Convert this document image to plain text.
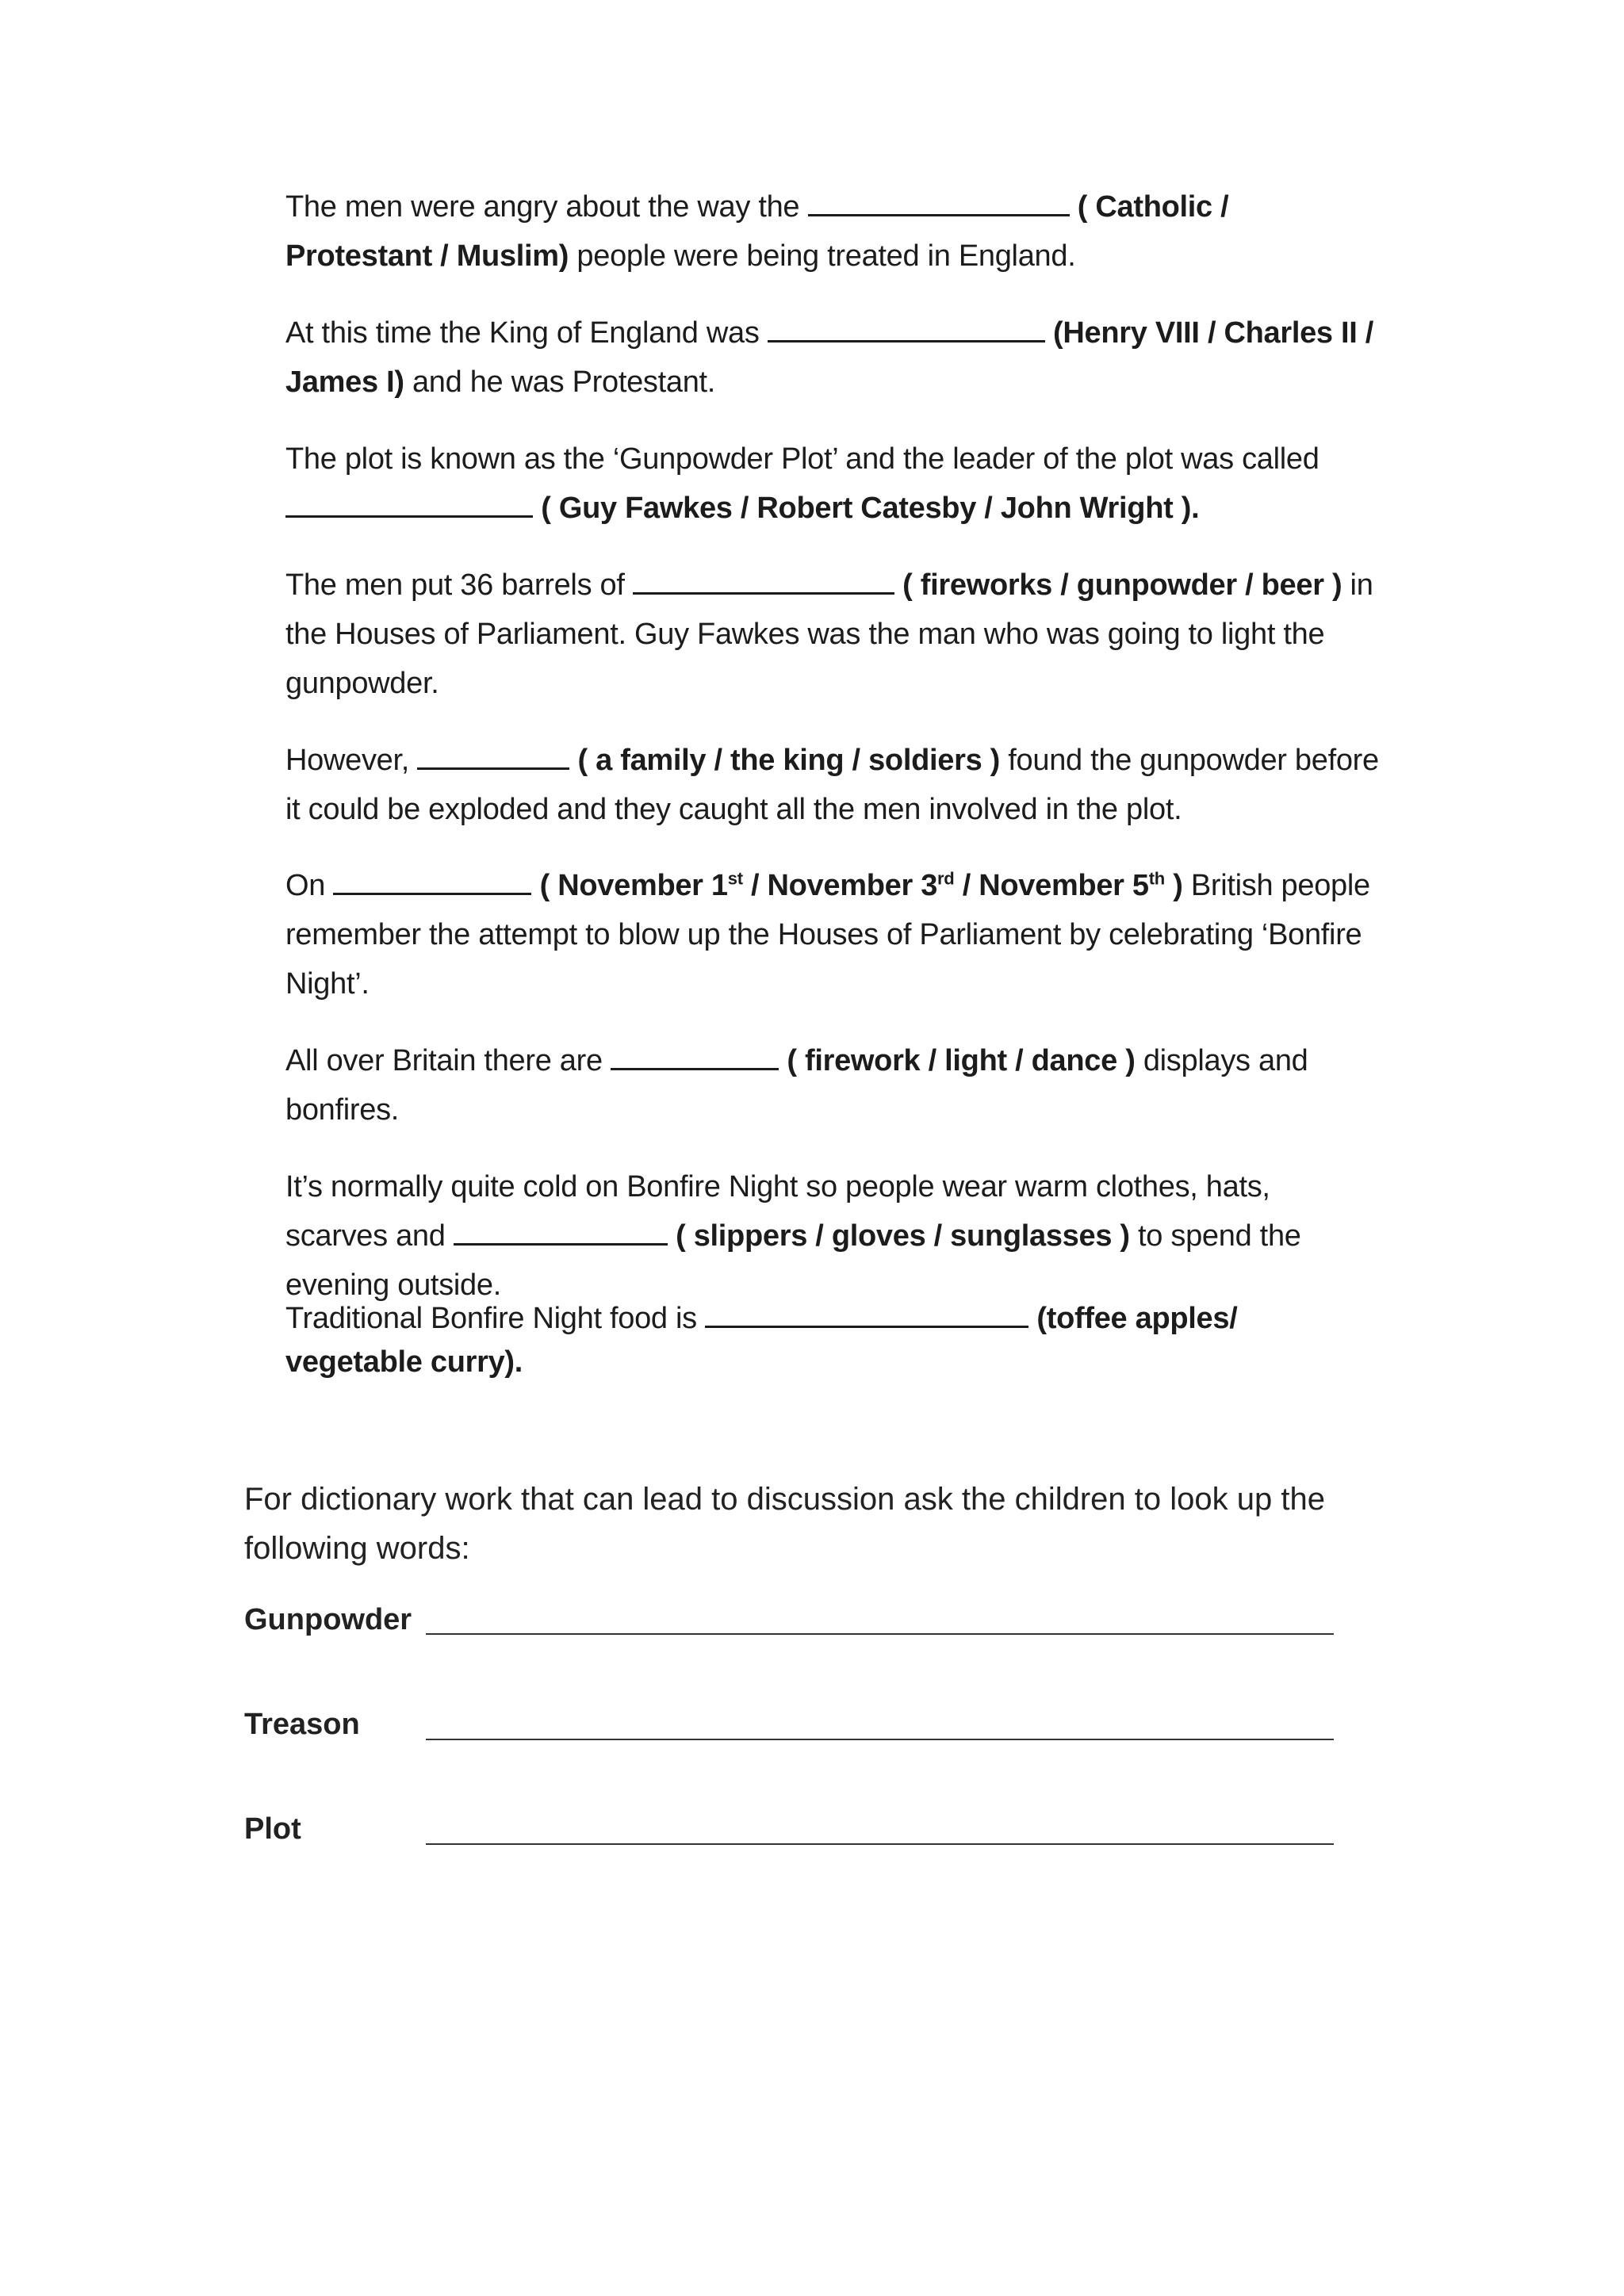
The men were angry about the way the	( Catholic / Protestant / Muslim) people were being treated in England.

At this time the King of England was	(Henry VIII / Charles II / James I) and he was Protestant.

The plot is known as the ‘Gunpowder Plot’ and the leader of the plot was called  ( Guy Fawkes / Robert Catesby / John Wright ).

The men put 36 barrels of	( fireworks / gunpowder / beer ) in the Houses of Parliament. Guy Fawkes was the man who was going to light the gunpowder.

However,	( a family / the king / soldiers ) found the gunpowder before it could be exploded and they caught all the men involved in the plot.

On	( November 1st / November 3rd / November 5th ) British people remember the attempt to blow up the Houses of Parliament by celebrating ‘Bonfire Night’.

All over Britain there are	( firework / light / dance ) displays and bonfires.

It’s normally quite cold on Bonfire Night so people wear warm clothes, hats, scarves and	( slippers / gloves / sunglasses ) to spend the evening outside.

Traditional Bonfire Night food is	(toffee apples/ vegetable curry).

For dictionary work that can lead to discussion ask the children to look up the following words:

Gunpowder
Treason
Plot
